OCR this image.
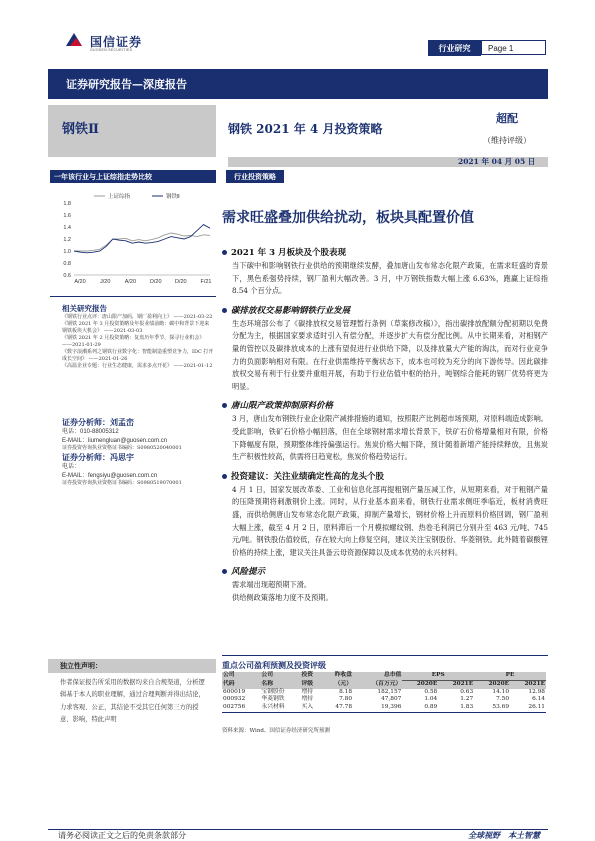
国信证券
GUOSEN SECURITIES	行业研究	Page 1
证券研究报告—深度报告
钢铁Ⅱ	钢铁 2021 年 4 月投资策略
超配
（维持评级）
2021 年 04 月 05 日
一年该行业与上证综指走势比较
0.6
0.8
1.0
1.2
1.4
1.6
1.8
A/20	J/20	A/20 O/20 D/20	F/21
上证综指	钢铁Ⅱ
相关研究报告
《钢铁行业点评：唐山限产加码，钢厂盈利向上》 ——2021-03-22
《钢铁 2021 年 3 月投资策略及年报业绩前瞻：碳中和背景下迎来钢铁板块大机会》 ——2021-03-03
《钢铁 2021 年 2 月投资策略：复盘历年季节，探寻行业机会》 ——2021-01-29
《数字浪潮系列之钢铁行业数字化：智能制造重塑竞争力，IDC 打开成长空间》 ——2021-01-26
《高温企业专题：行业生态健康，需求多点开花》 ——2021-01-12
证券分析师：刘孟峦
电话：010-88005312
E-MAIL：liumengluan@guosen.com.cn
证券投资咨询执业资格证书编码：S0980520040001
证券分析师：冯思宇
电话：
E-MAIL：fengsiyu@guosen.com.cn
证券投资咨询执业资格证书编码：S0980519070001
独立性声明：
作者保证报告所采用的数据均来自合规渠道，分析逻辑基于本人的职业理解，通过合理判断并得出结论，力求客观、公正，其结论不受其它任何第三方的授意、影响，特此声明
行业投资策略
需求旺盛叠加供给扰动，板块具配置价值
2021 年 3 月板块及个股表现
当下碳中和影响钢铁行业供给的预期继续发酵，叠加唐山发布常态化限产政策，在需求旺盛的背景下，黑色系强势持续，钢厂盈利大幅改善。3 月，中万钢铁指数大幅上涨 6.63%，跑赢上证综指 8.54 个百分点。
碳排放权交易影响钢铁行业发展
生态环境部公布了《碳排放权交易管理暂行条例（草案修改稿）》，指出碳排放配额分配初期以免费分配为主，根据国家要求适时引入有偿分配，并逐步扩大有偿分配比例。从中长期来看，对相钢产量的管控以及碳排放成本的上涨有望促进行业供给下降，以及排放量大产能的淘汰，而对行业竞争力的负面影响相对有限。在行业供需维持平衡状态下，成本也可较为充分的向下游传导。因此碳排放权交易有利于行业要并重组开展，有助于行业估值中枢的抬升，吨钢综合能耗的钢厂优势将更为明显。
唐山限产政策抑制原料价格
3 月，唐山发布钢铁行业企业限产减排措施的通知，按照限产比例超市场预期，对原料端造成影响。受此影响，铁矿石价格小幅回落，但在全球钢材需求增长背景下，铁矿石价格增量相对有限，价格下降幅度有限，预期整体维持偏强运行。焦炭价格大幅下降，预计随着新增产能持续释放，且焦炭生产积极性较高，供需将日趋宽松，焦炭价格趋势运行。
投资建议：关注业绩确定性高的龙头个股
4 月 1 日，国家发展改革委、工业和信息化部再提粗钢产量压减工作，从短期来看，对于粗钢产量的压降预期将刺激钢价上涨。同时，从行业基本面来看，钢铁行业需求侧旺季临近，板材消费旺盛，而供给侧唐山发布常态化限产政策，抑制产量增长，钢材价格上升而原料价格回调，钢厂盈利大幅上涨，截至 4 月 2 日，原料滞后一个月模拟螺纹钢、热卷毛利润已分别升至 463 元/吨、745 元/吨。钢铁股估值较低，存在较大向上修复空间，建议关注宝钢股份、华菱钢铁。此外随着碳酸锂价格的持续上涨，建议关注具备云母资源保障以及成本优势的永兴材料。
风险提示
需求端出现超预期下滑。
供给侧政策落地力度不及预期。
重点公司盈利预测及投资评级
公司	公司	投资	昨收盘	总市值	EPS		PE	
代码	名称	评级	（元）	（百万元）	2020E	2021E	2020E	2021E
600019	宝钢股份	增持	8.18	182,157	0.58	0.63	14.10	12.98
000932	华菱钢铁	增持	7.80	47,807	1.04	1.27	7.50	6.14
002756	永兴材料	买入	47.78	19,396	0.89	1.83	53.69	26.11
资料来源：Wind、国信证券经济研究所预测
请务必阅读正文之后的免责条款部分	全球视野　本土智慧
